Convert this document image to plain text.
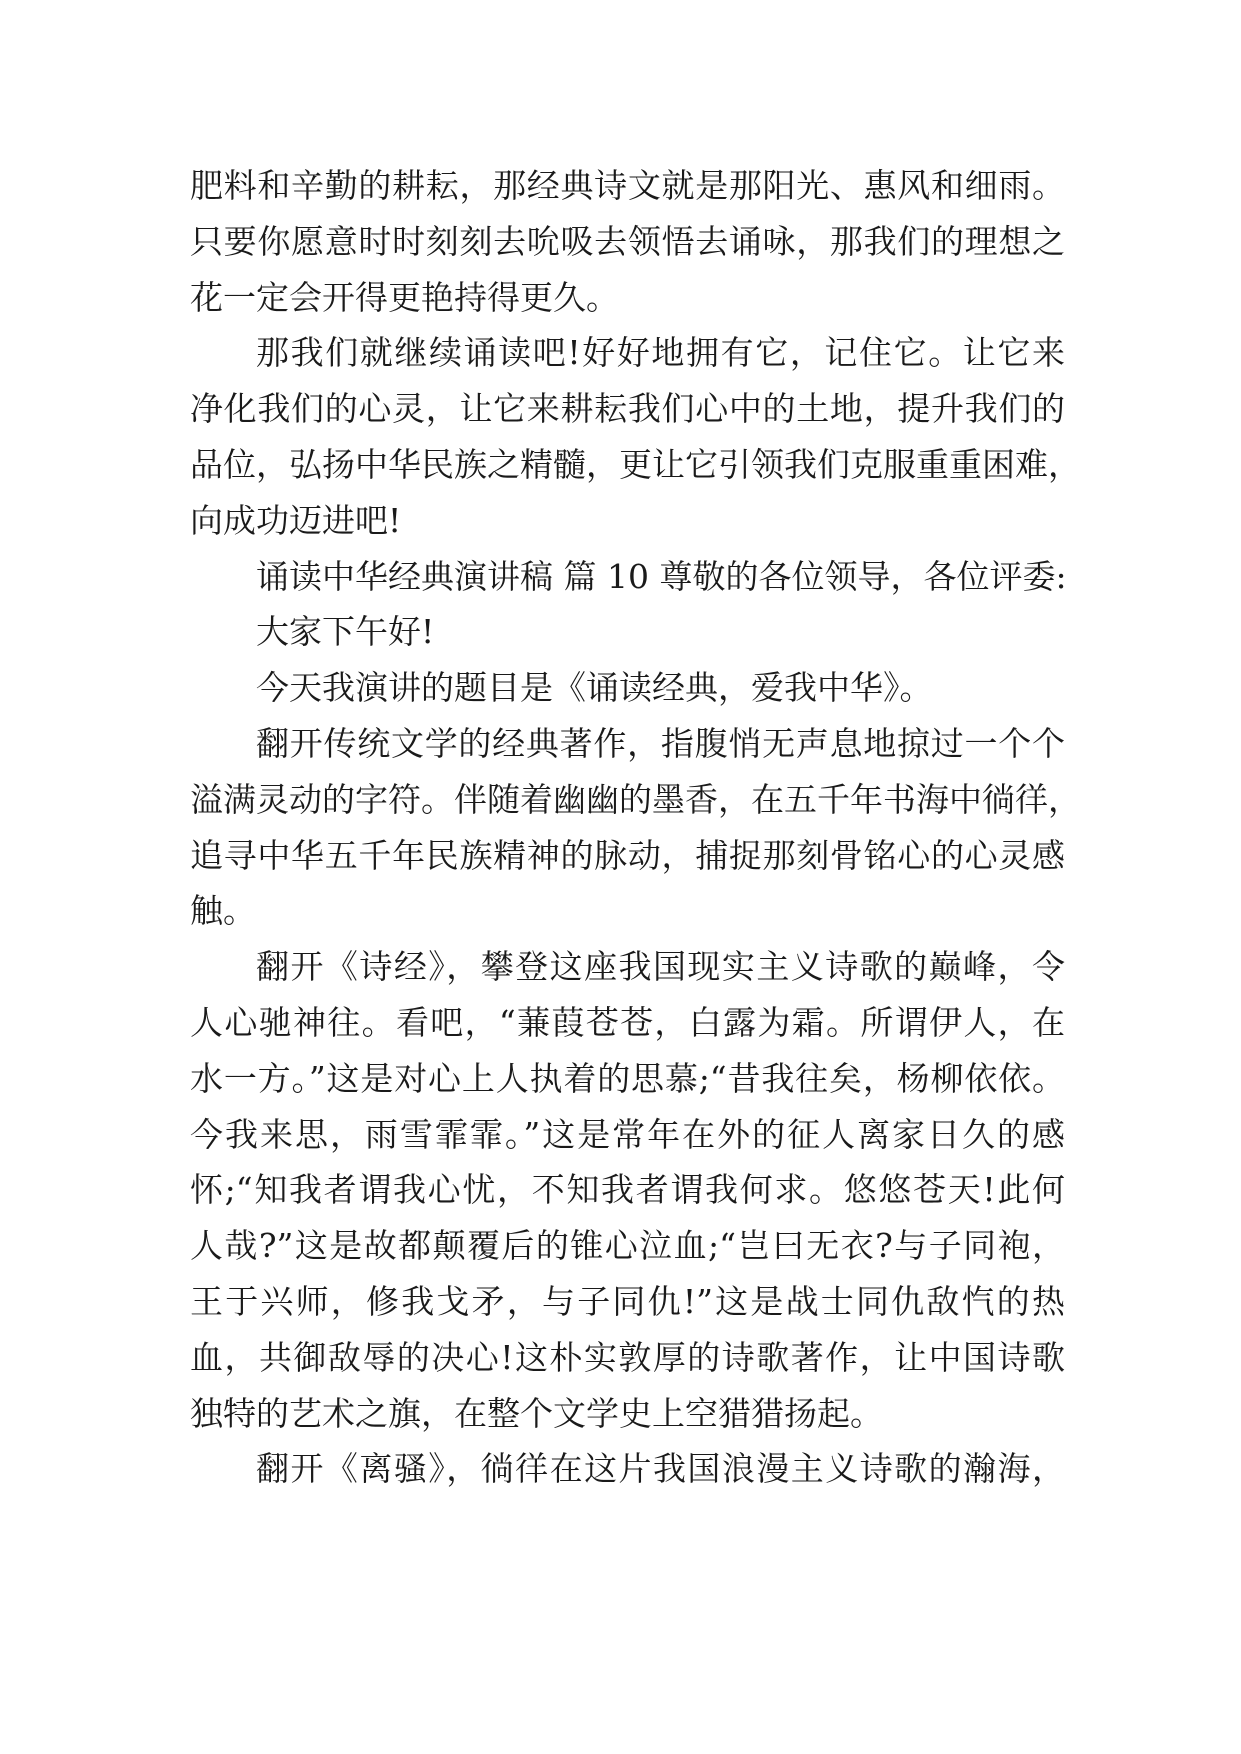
肥料和辛勤的耕耘，那经典诗文就是那阳光、惠风和细雨。
只要你愿意时时刻刻去吮吸去领悟去诵咏，那我们的理想之
花一定会开得更艳持得更久。
那我们就继续诵读吧!好好地拥有它，记住它。让它来
净化我们的心灵，让它来耕耘我们心中的土地，提升我们的
品位，弘扬中华民族之精髓，更让它引领我们克服重重困难，
向成功迈进吧!
诵读中华经典演讲稿 篇 10 尊敬的各位领导，各位评委:
大家下午好!
今天我演讲的题目是《诵读经典，爱我中华》。
翻开传统文学的经典著作，指腹悄无声息地掠过一个个
溢满灵动的字符。伴随着幽幽的墨香，在五千年书海中徜徉，
追寻中华五千年民族精神的脉动，捕捉那刻骨铭心的心灵感
触。
翻开《诗经》，攀登这座我国现实主义诗歌的巅峰，令
人心驰神往。看吧，“蒹葭苍苍，白露为霜。所谓伊人，在
水一方。”这是对心上人执着的思慕;“昔我往矣，杨柳依依。
今我来思，雨雪霏霏。”这是常年在外的征人离家日久的感
怀;“知我者谓我心忧，不知我者谓我何求。悠悠苍天!此何
人哉?”这是故都颠覆后的锥心泣血;“岂曰无衣?与子同袍，
王于兴师，修我戈矛，与子同仇!”这是战士同仇敌忾的热
血，共御敌辱的决心!这朴实敦厚的诗歌著作，让中国诗歌
独特的艺术之旗，在整个文学史上空猎猎扬起。
翻开《离骚》，徜徉在这片我国浪漫主义诗歌的瀚海，
